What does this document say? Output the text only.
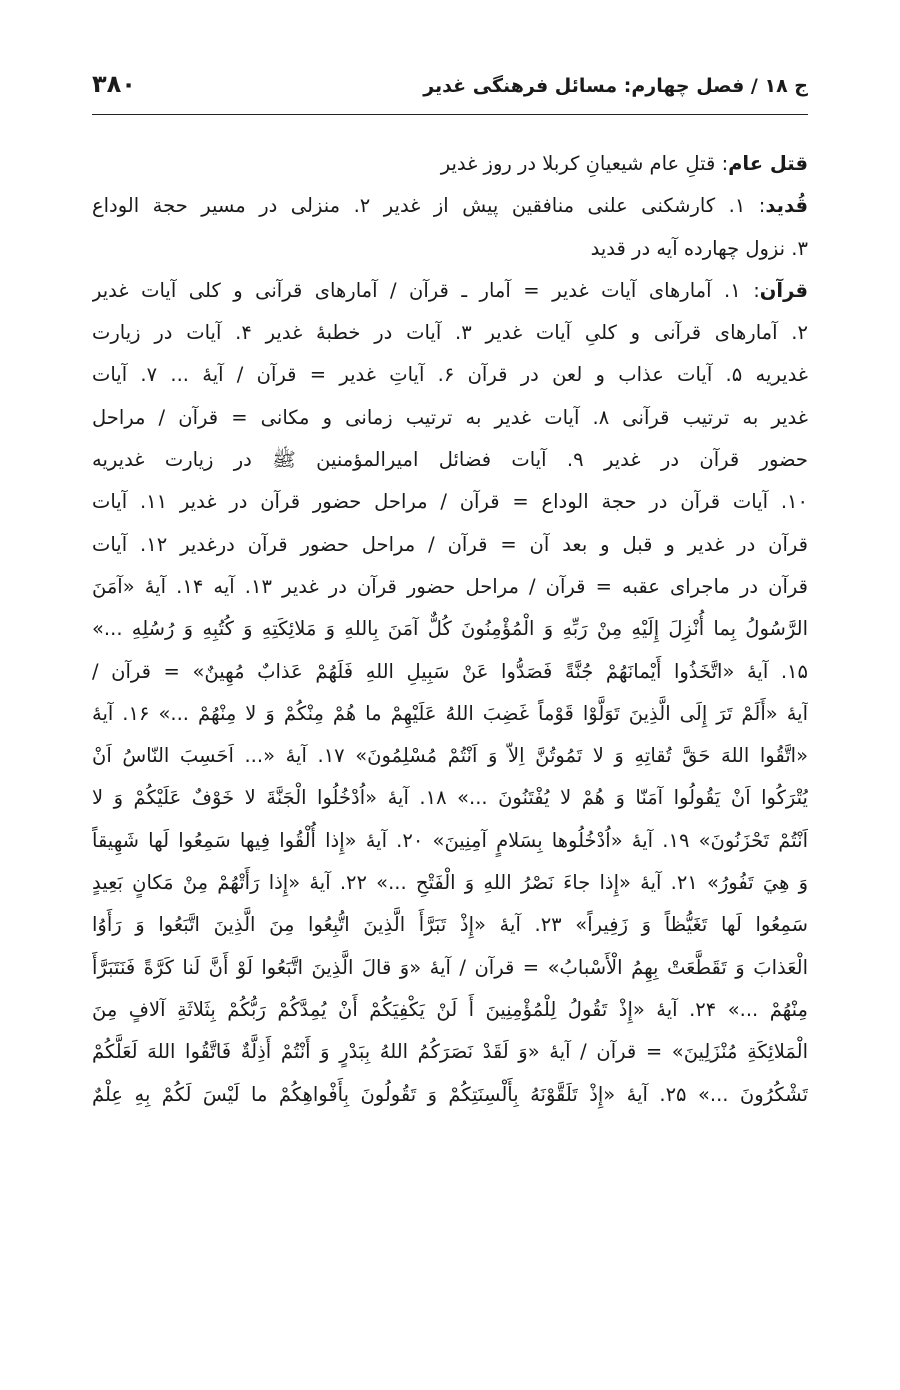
ج ۱۸ / فصل چهارم: مسائل فرهنگی غدیر
۳۸۰
قتل عام: قتلِ عام شیعیانِ کربلا در روز غدیر
قُدید: ۱. کارشکنی علنی منافقین پیش از غدیر ۲. منزلی در مسیر حجة الوداع
۳. نزول چهارده آیه در قدید
قرآن: ۱. آمارهای آیات غدیر = آمار ـ قرآن / آمارهای قرآنی و کلی آیات غدیر
۲. آمارهای قرآنی و کلیِ آیات غدیر ۳. آیات در خطبهٔ غدیر ۴. آیات در زیارت
غدیریه ۵. آیات عذاب و لعن در قرآن ۶. آیاتِ غدیر = قرآن / آیهٔ ... ۷. آیات
غدیر به ترتیب قرآنی ۸. آیات غدیر به ترتیب زمانی و مکانی = قرآن / مراحل
حضور قرآن در غدیر ۹. آیات فضائل امیرالمؤمنین ﷺ در زیارت غدیریه
۱۰. آیات قرآن در حجة الوداع = قرآن / مراحل حضور قرآن در غدیر ۱۱. آیات
قرآن در غدیر و قبل و بعد آن = قرآن / مراحل حضور قرآن درغدیر ۱۲. آیات
قرآن در ماجرای عقبه = قرآن / مراحل حضور قرآن در غدیر ۱۳. آیه ۱۴. آیهٔ «آمَنَ
الرَّسُولُ بِما أُنْزِلَ إِلَيْهِ مِنْ رَبِّهِ وَ الْمُؤْمِنُونَ كُلٌّ آمَنَ بِاللهِ وَ مَلائِكَتِهِ وَ كُتُبِهِ وَ رُسُلِهِ ...»
۱۵. آیهٔ «اتَّخَذُوا أَيْمانَهُمْ جُنَّةً فَصَدُّوا عَنْ سَبِيلِ اللهِ فَلَهُمْ عَذابٌ مُهِينٌ» = قرآن /
آیهٔ «أَلَمْ تَرَ إِلَى الَّذِينَ تَوَلَّوْا قَوْماً غَضِبَ اللهُ عَلَيْهِمْ ما هُمْ مِنْكُمْ وَ لا مِنْهُمْ ...» ۱۶. آیهٔ
«اتَّقُوا اللهَ حَقَّ تُقاتِهِ وَ لا تَمُوتُنَّ اِلاّ وَ اَنْتُمْ مُسْلِمُونَ» ۱۷. آیهٔ «... اَحَسِبَ النّاسُ اَنْ
يُتْرَكُوا اَنْ يَقُولُوا آمَنّا وَ هُمْ لا يُفْتَنُونَ ...» ۱۸. آیهٔ «اُدْخُلُوا الْجَنَّةَ لا خَوْفٌ عَلَيْكُمْ وَ لا
اَنْتُمْ تَحْزَنُونَ» ۱۹. آیهٔ «اُدْخُلُوها بِسَلامٍ آمِنِينَ» ۲۰. آیهٔ «إِذا أُلْقُوا فِيها سَمِعُوا لَها شَهِيقاً
وَ هِيَ تَفُورُ» ۲۱. آیهٔ «إِذا جاءَ نَصْرُ اللهِ وَ الْفَتْحِ ...» ۲۲. آیهٔ «إِذا رَأَتْهُمْ مِنْ مَكانٍ بَعِيدٍ
سَمِعُوا لَها تَغَيُّظاً وَ زَفِيراً» ۲۳. آیهٔ «إِذْ تَبَرَّأَ الَّذِينَ اتُّبِعُوا مِنَ الَّذِينَ اتَّبَعُوا وَ رَأَوُا
الْعَذابَ وَ تَقَطَّعَتْ بِهِمُ الْأَسْبابُ» = قرآن / آیهٔ «وَ قالَ الَّذِينَ اتَّبَعُوا لَوْ أَنَّ لَنا كَرَّةً فَنَتَبَرَّأَ
مِنْهُمْ ...» ۲۴. آیهٔ «إِذْ تَقُولُ لِلْمُؤْمِنِينَ أَ لَنْ يَكْفِيَكُمْ أَنْ يُمِدَّكُمْ رَبُّكُمْ بِثَلاثَةِ آلافٍ مِنَ
الْمَلائِكَةِ مُنْزَلِينَ» = قرآن / آیهٔ «وَ لَقَدْ نَصَرَكُمُ اللهُ بِبَدْرٍ وَ أَنْتُمْ أَذِلَّةٌ فَاتَّقُوا اللهَ لَعَلَّكُمْ
تَشْكُرُونَ ...» ۲۵. آیهٔ «إِذْ تَلَقَّوْنَهُ بِأَلْسِنَتِكُمْ وَ تَقُولُونَ بِأَفْواهِكُمْ ما لَيْسَ لَكُمْ بِهِ عِلْمٌ
